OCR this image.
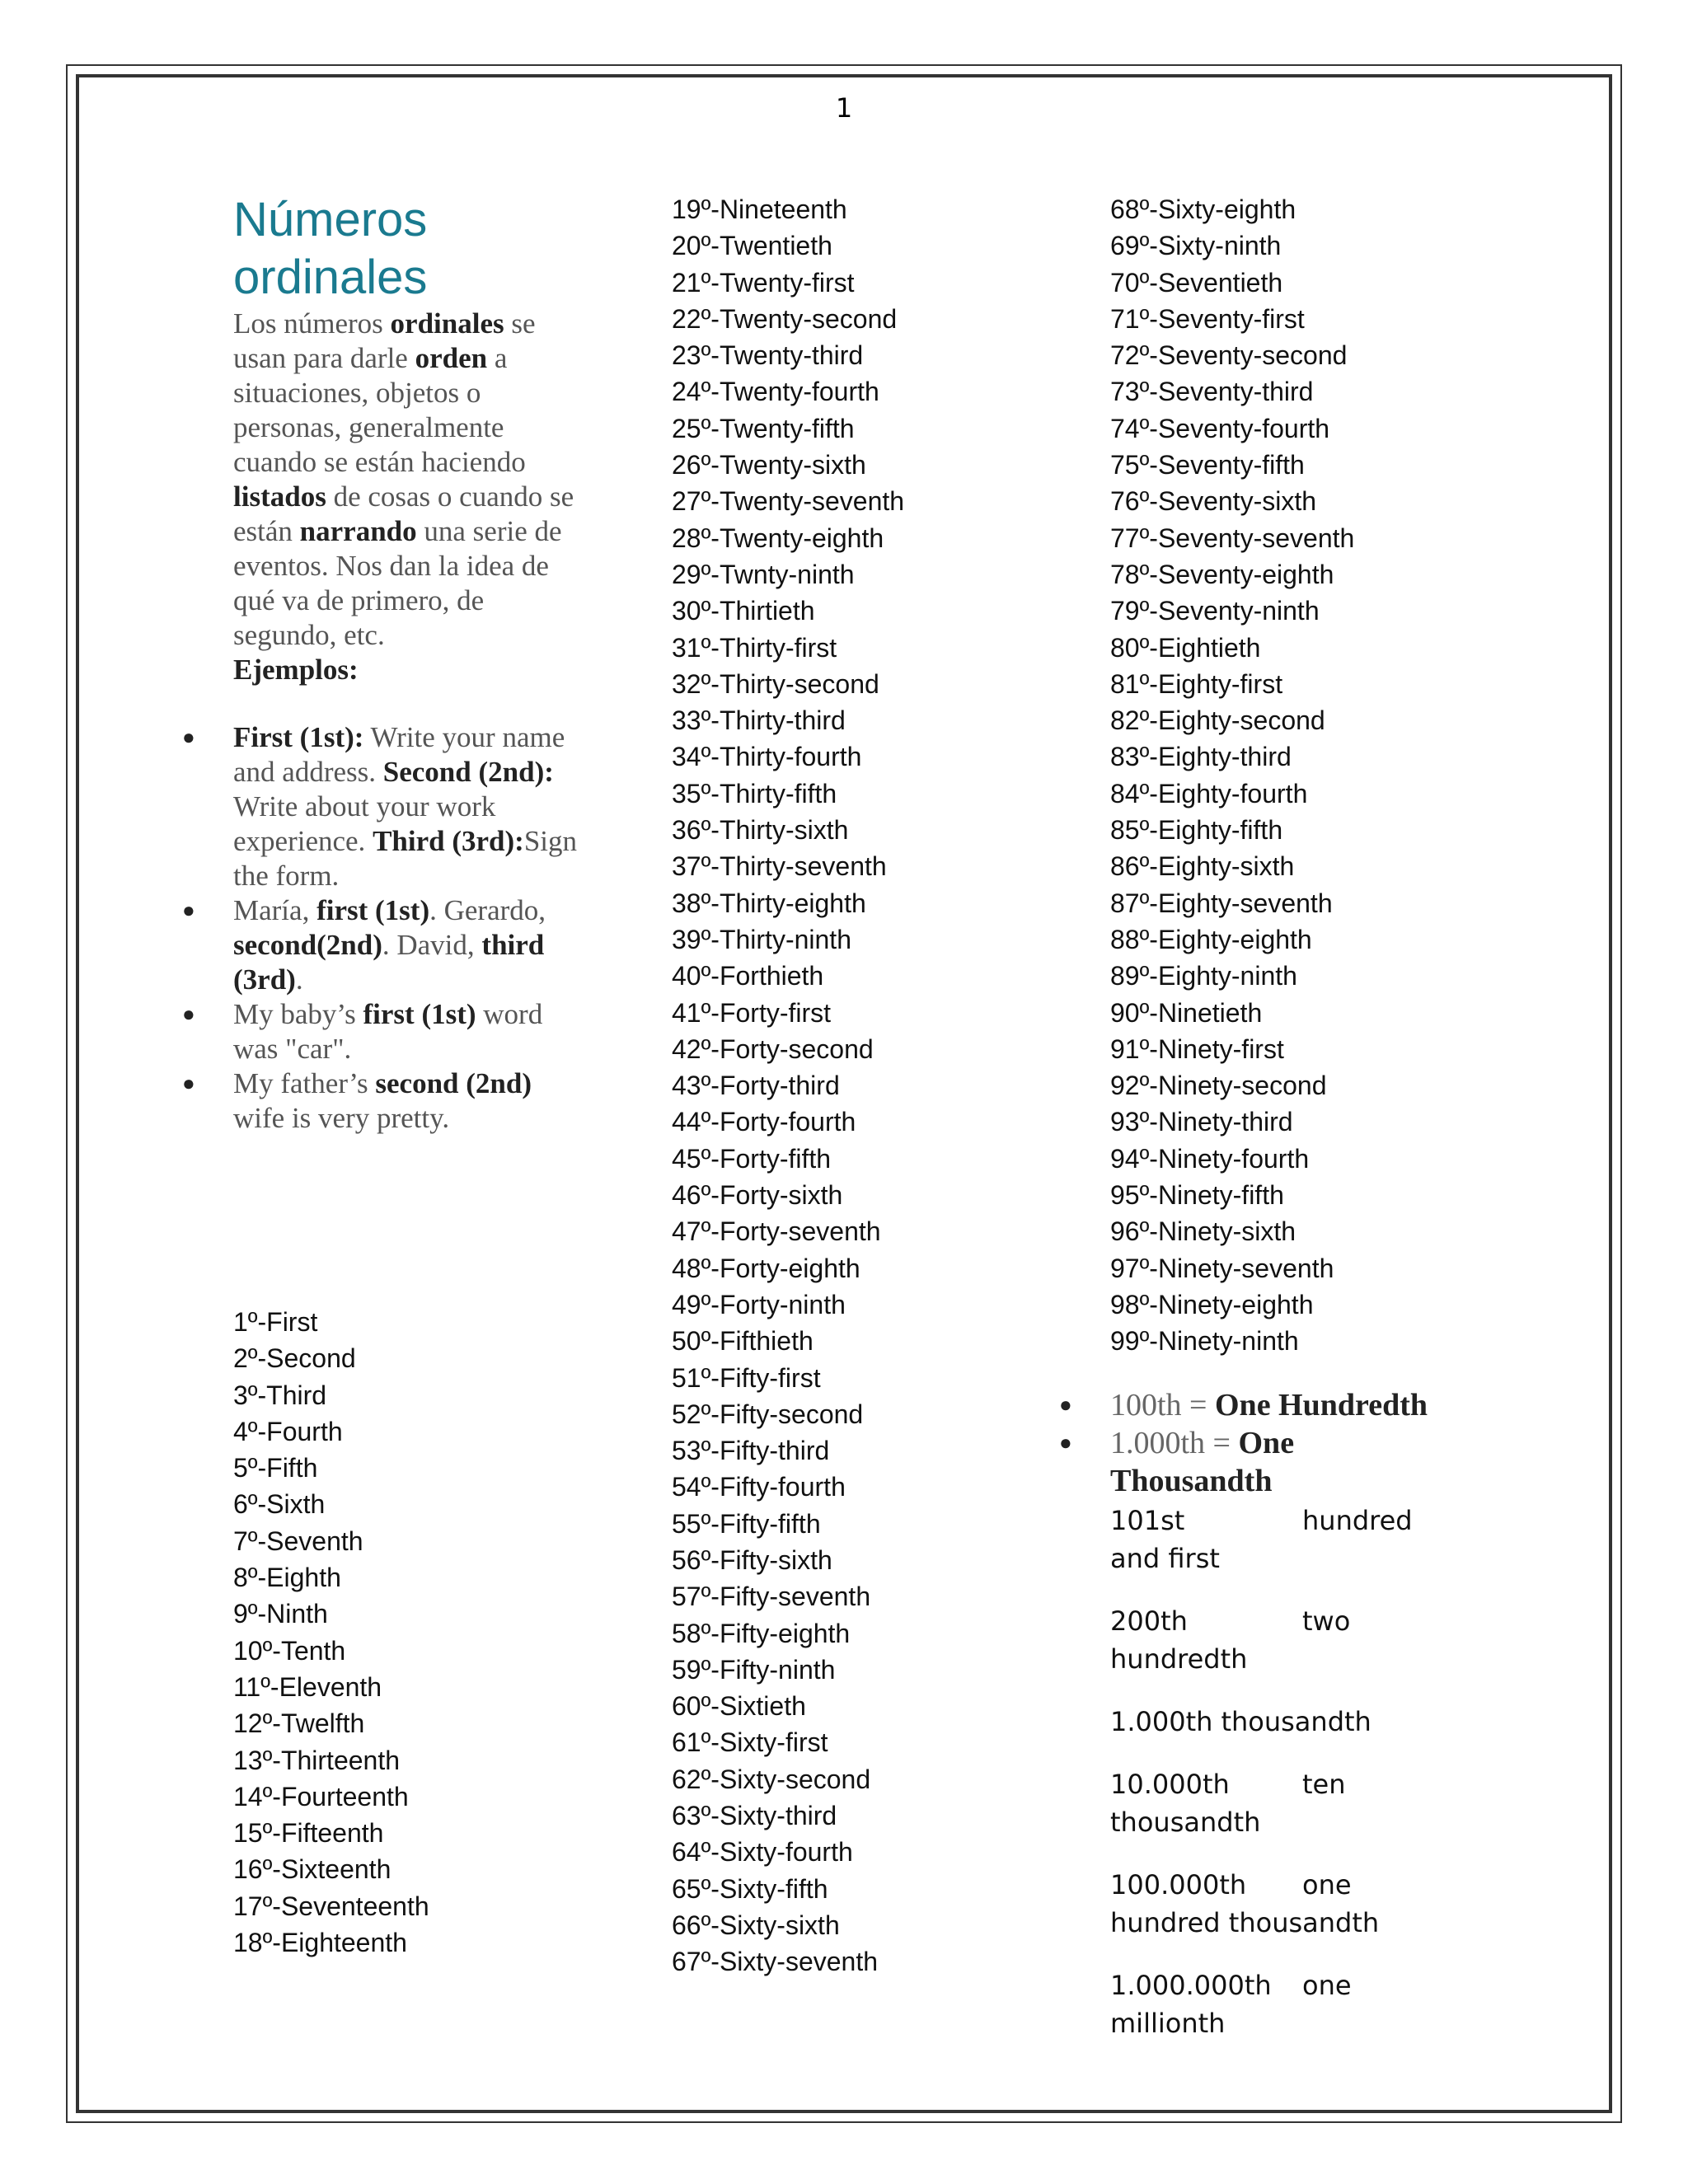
1
Números
ordinales
Los números ordinales se usan para darle orden a situaciones, objetos o personas, generalmente cuando se están haciendo listados de cosas o cuando se están narrando una serie de eventos. Nos dan la idea de qué va de primero, de segundo, etc.
Ejemplos:
● First (1st): Write your name and address. Second (2nd): Write about your work experience. Third (3rd):Sign the form.
● María, first (1st). Gerardo, second(2nd). David, third (3rd).
● My baby’s first (1st) word was "car".
● My father’s second (2nd) wife is very pretty.
1º-First
2º-Second
3º-Third
4º-Fourth
5º-Fifth
6º-Sixth
7º-Seventh
8º-Eighth
9º-Ninth
10º-Tenth
11º-Eleventh
12º-Twelfth
13º-Thirteenth
14º-Fourteenth
15º-Fifteenth
16º-Sixteenth
17º-Seventeenth
18º-Eighteenth
19º-Nineteenth
20º-Twentieth
21º-Twenty-first
22º-Twenty-second
23º-Twenty-third
24º-Twenty-fourth
25º-Twenty-fifth
26º-Twenty-sixth
27º-Twenty-seventh
28º-Twenty-eighth
29º-Twnty-ninth
30º-Thirtieth
31º-Thirty-first
32º-Thirty-second
33º-Thirty-third
34º-Thirty-fourth
35º-Thirty-fifth
36º-Thirty-sixth
37º-Thirty-seventh
38º-Thirty-eighth
39º-Thirty-ninth
40º-Forthieth
41º-Forty-first
42º-Forty-second
43º-Forty-third
44º-Forty-fourth
45º-Forty-fifth
46º-Forty-sixth
47º-Forty-seventh
48º-Forty-eighth
49º-Forty-ninth
50º-Fifthieth
51º-Fifty-first
52º-Fifty-second
53º-Fifty-third
54º-Fifty-fourth
55º-Fifty-fifth
56º-Fifty-sixth
57º-Fifty-seventh
58º-Fifty-eighth
59º-Fifty-ninth
60º-Sixtieth
61º-Sixty-first
62º-Sixty-second
63º-Sixty-third
64º-Sixty-fourth
65º-Sixty-fifth
66º-Sixty-sixth
67º-Sixty-seventh
68º-Sixty-eighth
69º-Sixty-ninth
70º-Seventieth
71º-Seventy-first
72º-Seventy-second
73º-Seventy-third
74º-Seventy-fourth
75º-Seventy-fifth
76º-Seventy-sixth
77º-Seventy-seventh
78º-Seventy-eighth
79º-Seventy-ninth
80º-Eightieth
81º-Eighty-first
82º-Eighty-second
83º-Eighty-third
84º-Eighty-fourth
85º-Eighty-fifth
86º-Eighty-sixth
87º-Eighty-seventh
88º-Eighty-eighth
89º-Eighty-ninth
90º-Ninetieth
91º-Ninety-first
92º-Ninety-second
93º-Ninety-third
94º-Ninety-fourth
95º-Ninety-fifth
96º-Ninety-sixth
97º-Ninety-seventh
98º-Ninety-eighth
99º-Ninety-ninth
● 100th = One Hundredth
● 1.000th = One Thousandth
101st	hundred and first
200th	two hundredth
1.000th thousandth
10.000th	ten thousandth
100.000th one hundred thousandth
1.000.000th one millionth
